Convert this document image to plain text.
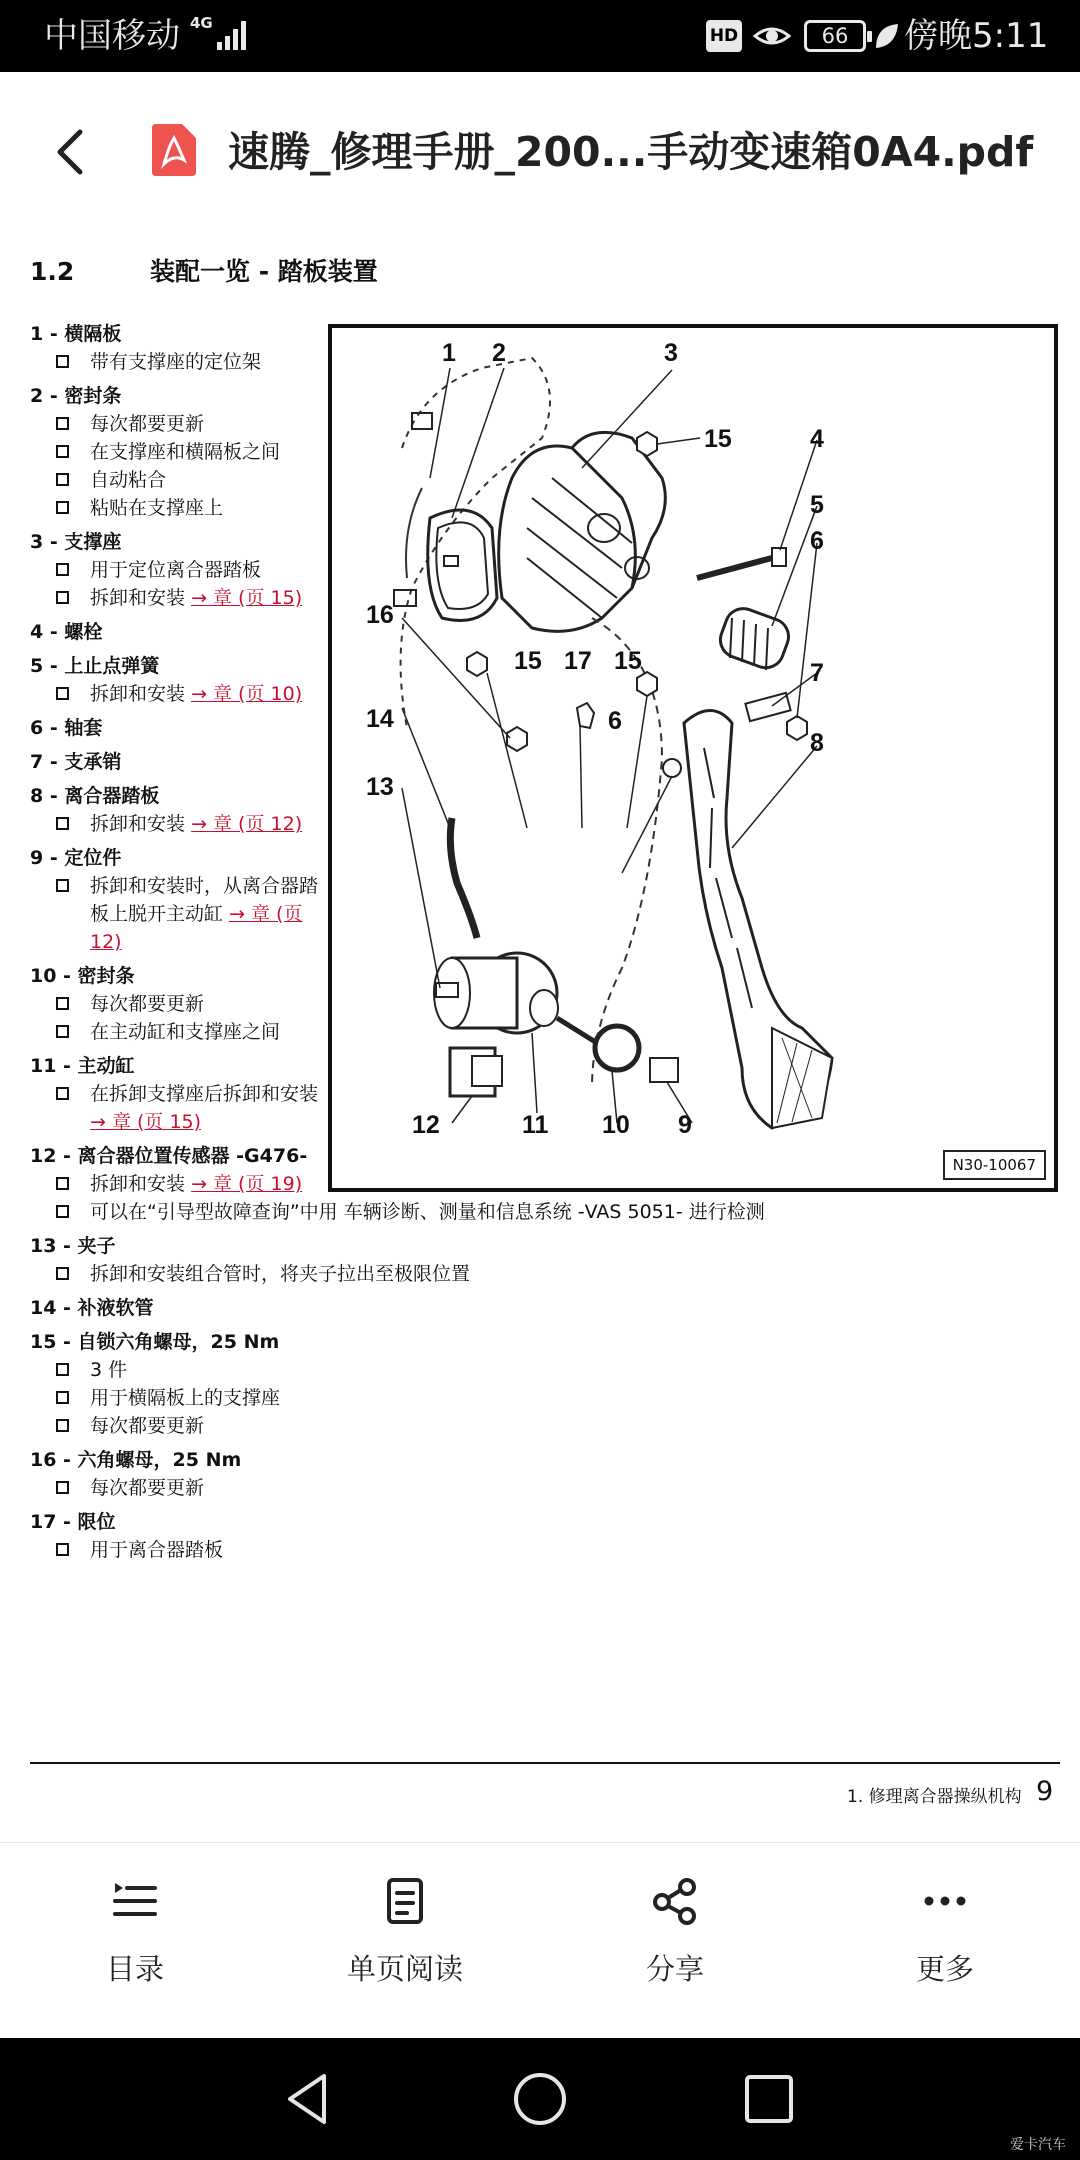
中国移动 4G
HD	66	傍晚5:11
速腾_修理手册_200...手动变速箱0A4.pdf
1.2	装配一览 - 踏板装置
1 - 横隔板
带有支撑座的定位架
2 - 密封条
每次都要更新
在支撑座和横隔板之间
自动粘合
粘贴在支撑座上
3 - 支撑座
用于定位离合器踏板
拆卸和安装 → 章 (页 15)
4 - 螺栓
5 - 上止点弹簧
拆卸和安装 → 章 (页 10)
6 - 轴套
7 - 支承销
8 - 离合器踏板
拆卸和安装 → 章 (页 12)
9 - 定位件
拆卸和安装时，从离合器踏板上脱开主动缸 → 章 (页 12)
10 - 密封条
每次都要更新
在主动缸和支撑座之间
11 - 主动缸
在拆卸支撑座后拆卸和安装 → 章 (页 15)
12 - 离合器位置传感器 -G476-
拆卸和安装 → 章 (页 19)
可以在“引导型故障查询”中用 车辆诊断、测量和信息系统 -VAS 5051- 进行检测
13 - 夹子
拆卸和安装组合管时，将夹子拉出至极限位置
14 - 补液软管
15 - 自锁六角螺母，25 Nm
3 件
用于横隔板上的支撑座
每次都要更新
16 - 六角螺母，25 Nm
每次都要更新
17 - 限位
用于离合器踏板
1 2	3
15	4
5
6
16
15 17 15	7
6
14
8
13
12	11 10 9
N30-10067
1. 修理离合器操纵机构 9
目录	单页阅读	分享	更多
爱卡汽车
